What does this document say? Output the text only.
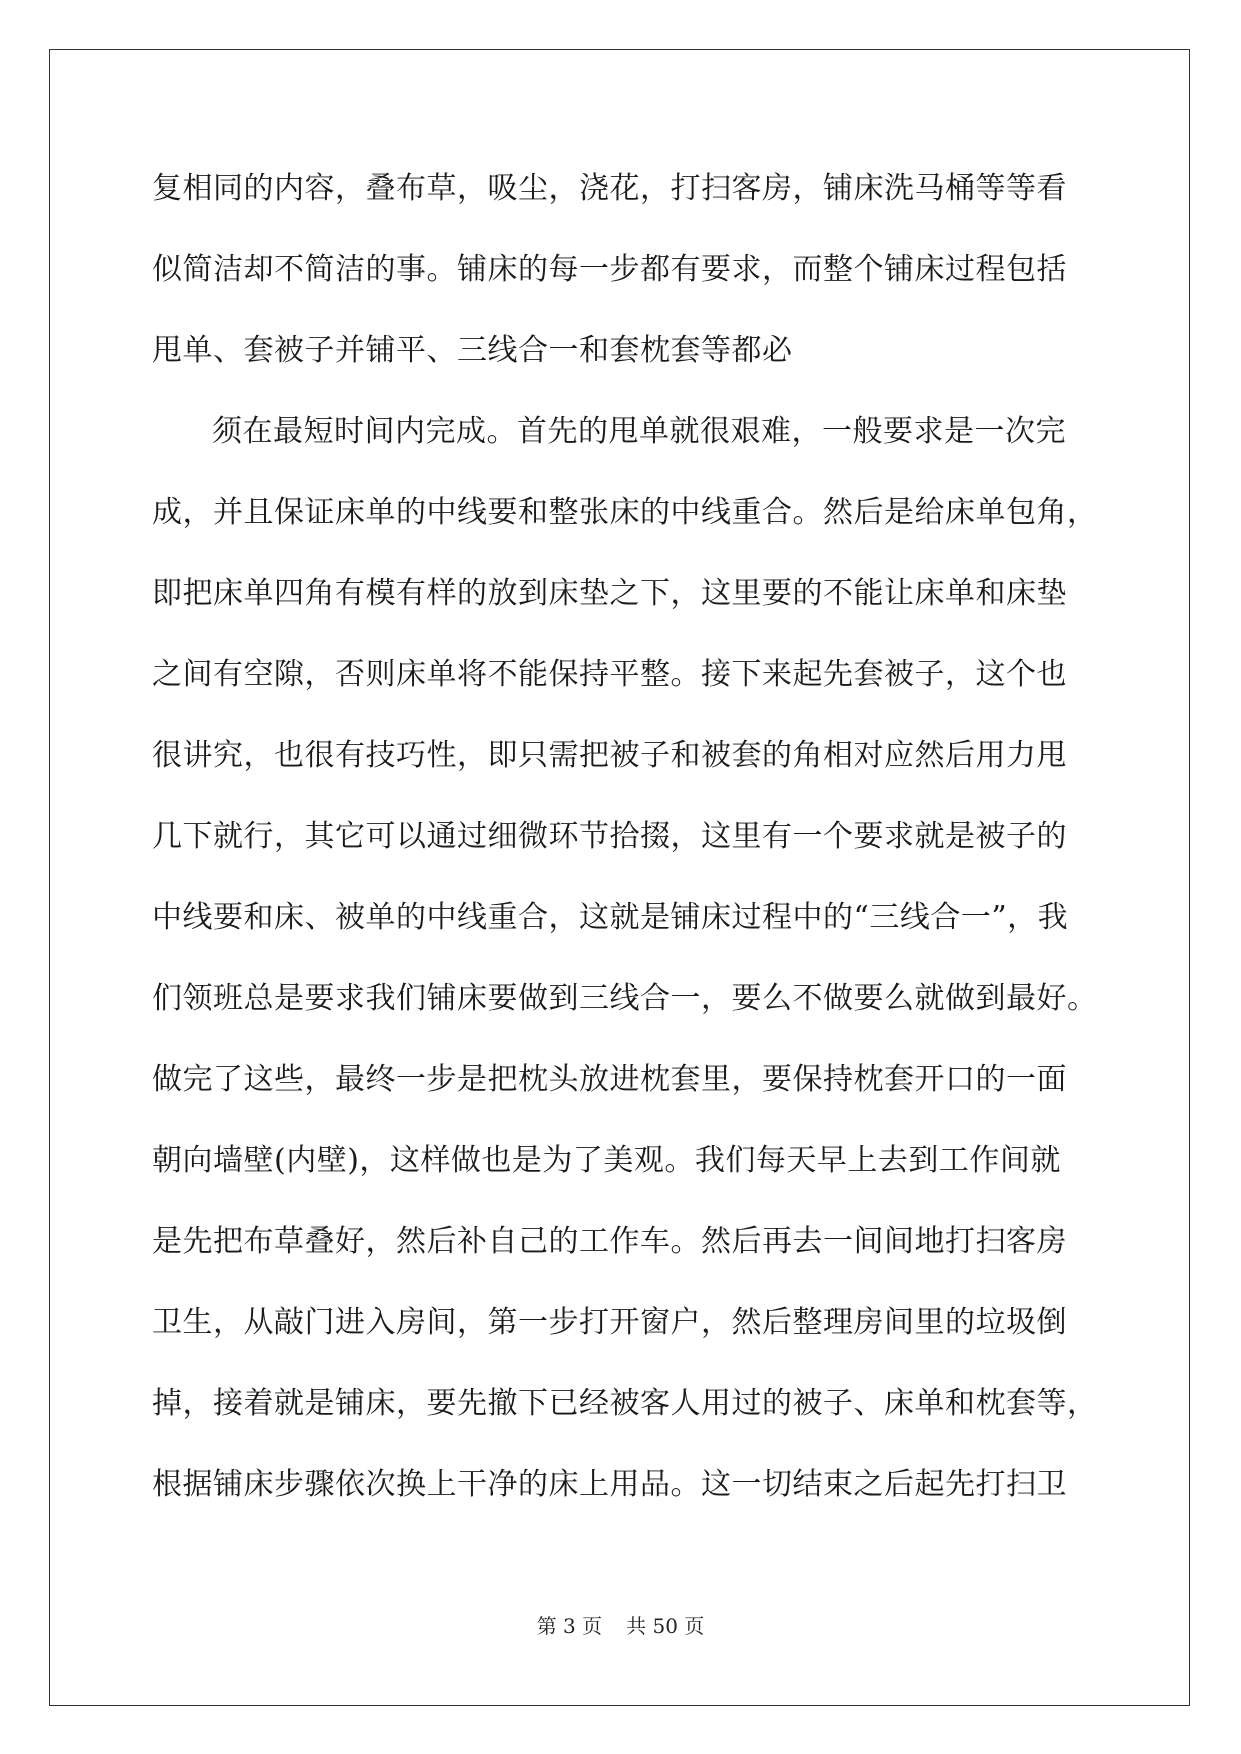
复相同的内容，叠布草，吸尘，浇花，打扫客房，铺床洗马桶等等看
似简洁却不简洁的事。铺床的每一步都有要求，而整个铺床过程包括
甩单、套被子并铺平、三线合一和套枕套等都必
须在最短时间内完成。首先的甩单就很艰难，一般要求是一次完
成，并且保证床单的中线要和整张床的中线重合。然后是给床单包角，
即把床单四角有模有样的放到床垫之下，这里要的不能让床单和床垫
之间有空隙，否则床单将不能保持平整。接下来起先套被子，这个也
很讲究，也很有技巧性，即只需把被子和被套的角相对应然后用力甩
几下就行，其它可以通过细微环节拾掇，这里有一个要求就是被子的
中线要和床、被单的中线重合，这就是铺床过程中的“三线合一”，我
们领班总是要求我们铺床要做到三线合一，要么不做要么就做到最好。
做完了这些，最终一步是把枕头放进枕套里，要保持枕套开口的一面
朝向墙壁(内壁)，这样做也是为了美观。我们每天早上去到工作间就
是先把布草叠好，然后补自己的工作车。然后再去一间间地打扫客房
卫生，从敲门进入房间，第一步打开窗户，然后整理房间里的垃圾倒
掉，接着就是铺床，要先撤下已经被客人用过的被子、床单和枕套等，
根据铺床步骤依次换上干净的床上用品。这一切结束之后起先打扫卫
第 3 页 共 50 页
